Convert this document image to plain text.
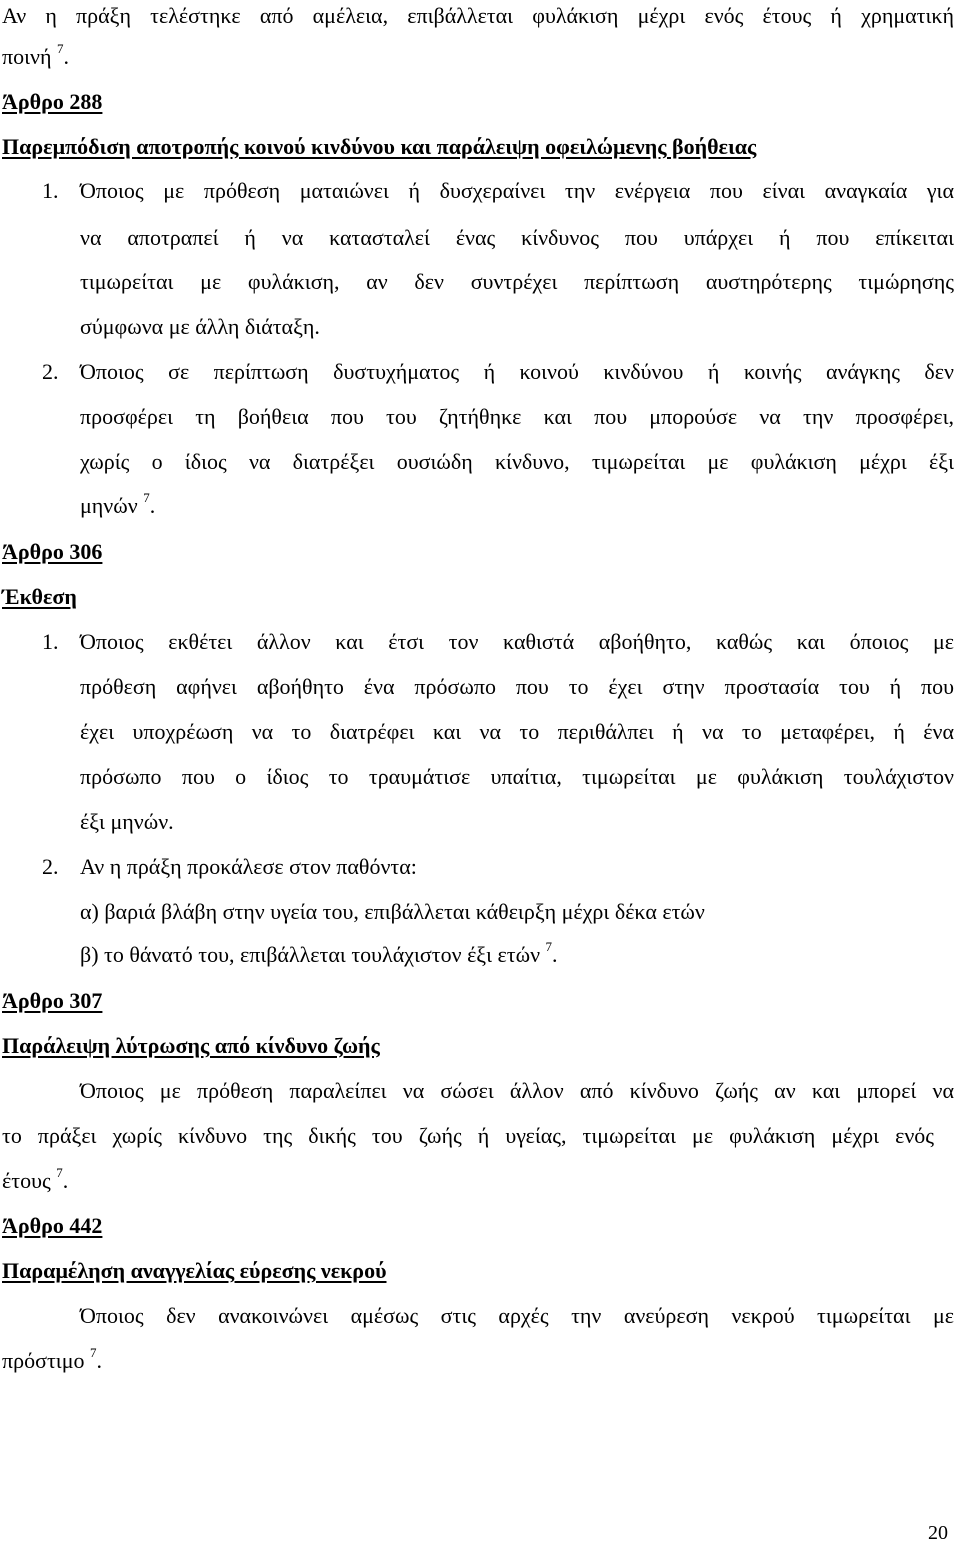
Αν η πράξη τελέστηκε από αμέλεια, επιβάλλεται φυλάκιση μέχρι ενός έτους ή χρηματική
ποινή $^7$.
Άρθρο 288
Παρεμπόδιση αποτροπής κοινού κινδύνου και παράλειψη οφειλώμενης βοήθειας
1. Όποιος με πρόθεση ματαιώνει ή δυσχεραίνει την ενέργεια που είναι αναγκαία για
να αποτραπεί ή να κατασταλεί ένας κίνδυνος που υπάρχει ή που επίκειται
τιμωρείται με φυλάκιση, αν δεν συντρέχει περίπτωση αυστηρότερης τιμώρησης
σύμφωνα με άλλη διάταξη.
2. Όποιος σε περίπτωση δυστυχήματος ή κοινού κινδύνου ή κοινής ανάγκης δεν
προσφέρει τη βοήθεια που του ζητήθηκε και που μπορούσε να την προσφέρει,
χωρίς ο ίδιος να διατρέξει ουσιώδη κίνδυνο, τιμωρείται με φυλάκιση μέχρι έξι
μηνών $^7$.
Άρθρο 306
Έκθεση
1. Όποιος εκθέτει άλλον και έτσι τον καθιστά αβοήθητο, καθώς και όποιος με
πρόθεση αφήνει αβοήθητο ένα πρόσωπο που το έχει στην προστασία του ή που
έχει υποχρέωση να το διατρέφει και να το περιθάλπει ή να το μεταφέρει, ή ένα
πρόσωπο που ο ίδιος το τραυμάτισε υπαίτια, τιμωρείται με φυλάκιση τουλάχιστον
έξι μηνών.
2. Αν η πράξη προκάλεσε στον παθόντα:
α) βαριά βλάβη στην υγεία του, επιβάλλεται κάθειρξη μέχρι δέκα ετών
β) το θάνατό του, επιβάλλεται τουλάχιστον έξι ετών $^7$.
Άρθρο 307
Παράλειψη λύτρωσης από κίνδυνο ζωής
Όποιος με πρόθεση παραλείπει να σώσει άλλον από κίνδυνο ζωής αν και μπορεί να
το πράξει χωρίς κίνδυνο της δικής του ζωής ή υγείας, τιμωρείται με φυλάκιση μέχρι ενός
έτους $^7$.
Άρθρο 442
Παραμέληση αναγγελίας εύρεσης νεκρού
Όποιος δεν ανακοινώνει αμέσως στις αρχές την ανεύρεση νεκρού τιμωρείται με
πρόστιμο $^7$.
20
